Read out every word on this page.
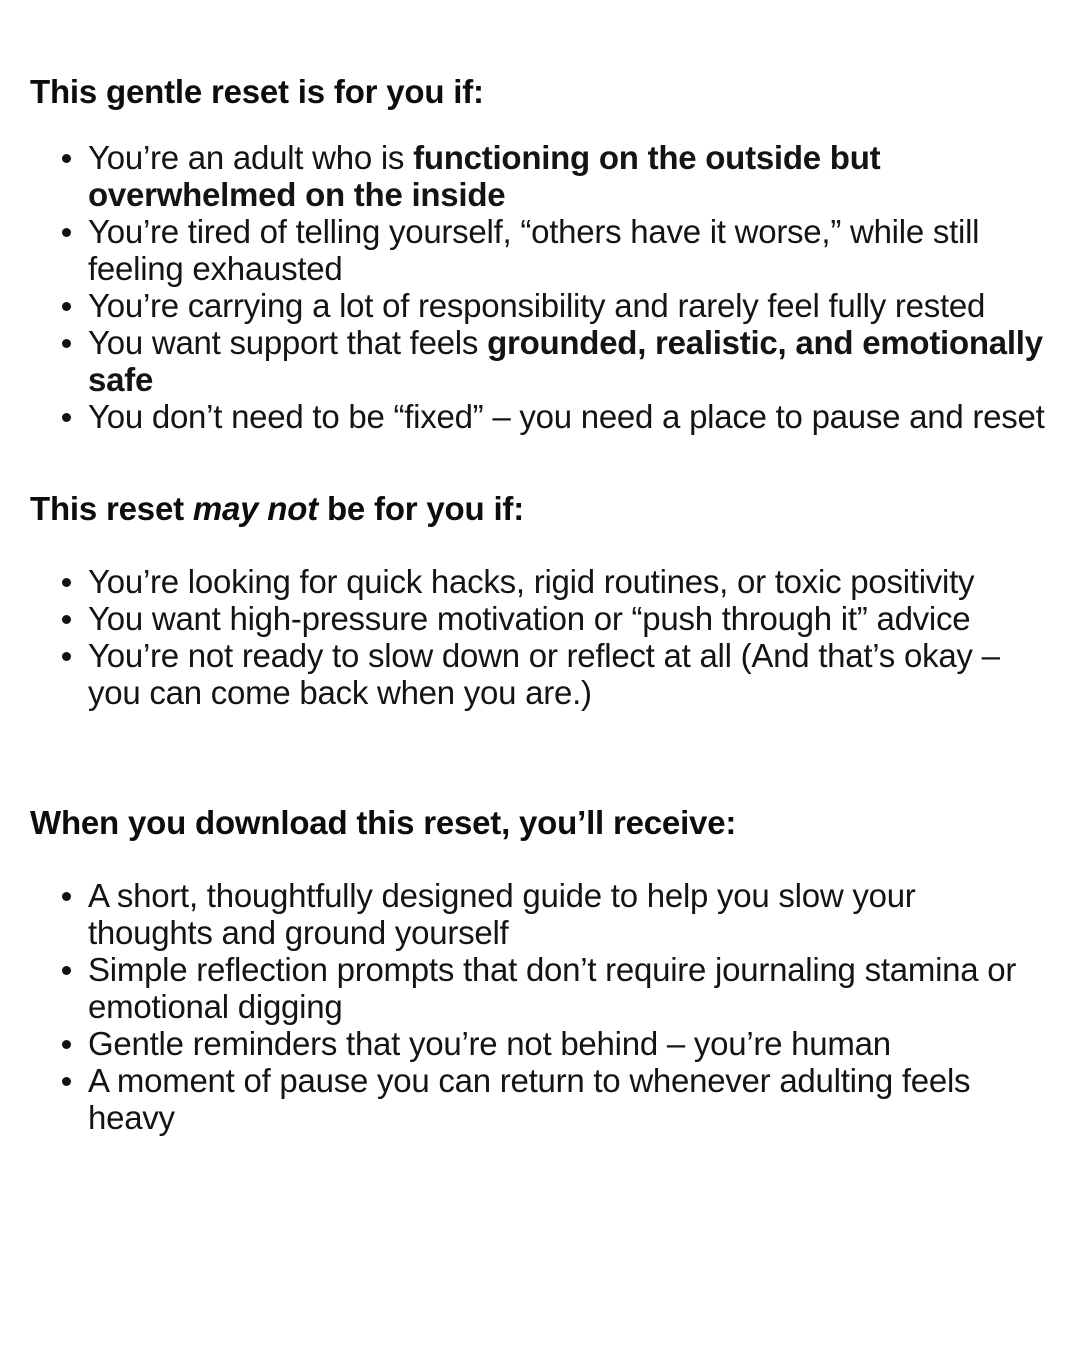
This gentle reset is for you if:
You’re an adult who is functioning on the outside but overwhelmed on the inside
You’re tired of telling yourself, “others have it worse,” while still feeling exhausted
You’re carrying a lot of responsibility and rarely feel fully rested
You want support that feels grounded, realistic, and emotionally safe
You don’t need to be “fixed” – you need a place to pause and reset
This reset may not be for you if:
You’re looking for quick hacks, rigid routines, or toxic positivity
You want high-pressure motivation or “push through it” advice
You’re not ready to slow down or reflect at all (And that’s okay – you can come back when you are.)
When you download this reset, you’ll receive:
A short, thoughtfully designed guide to help you slow your thoughts and ground yourself
Simple reflection prompts that don’t require journaling stamina or emotional digging
Gentle reminders that you’re not behind – you’re human
A moment of pause you can return to whenever adulting feels heavy
